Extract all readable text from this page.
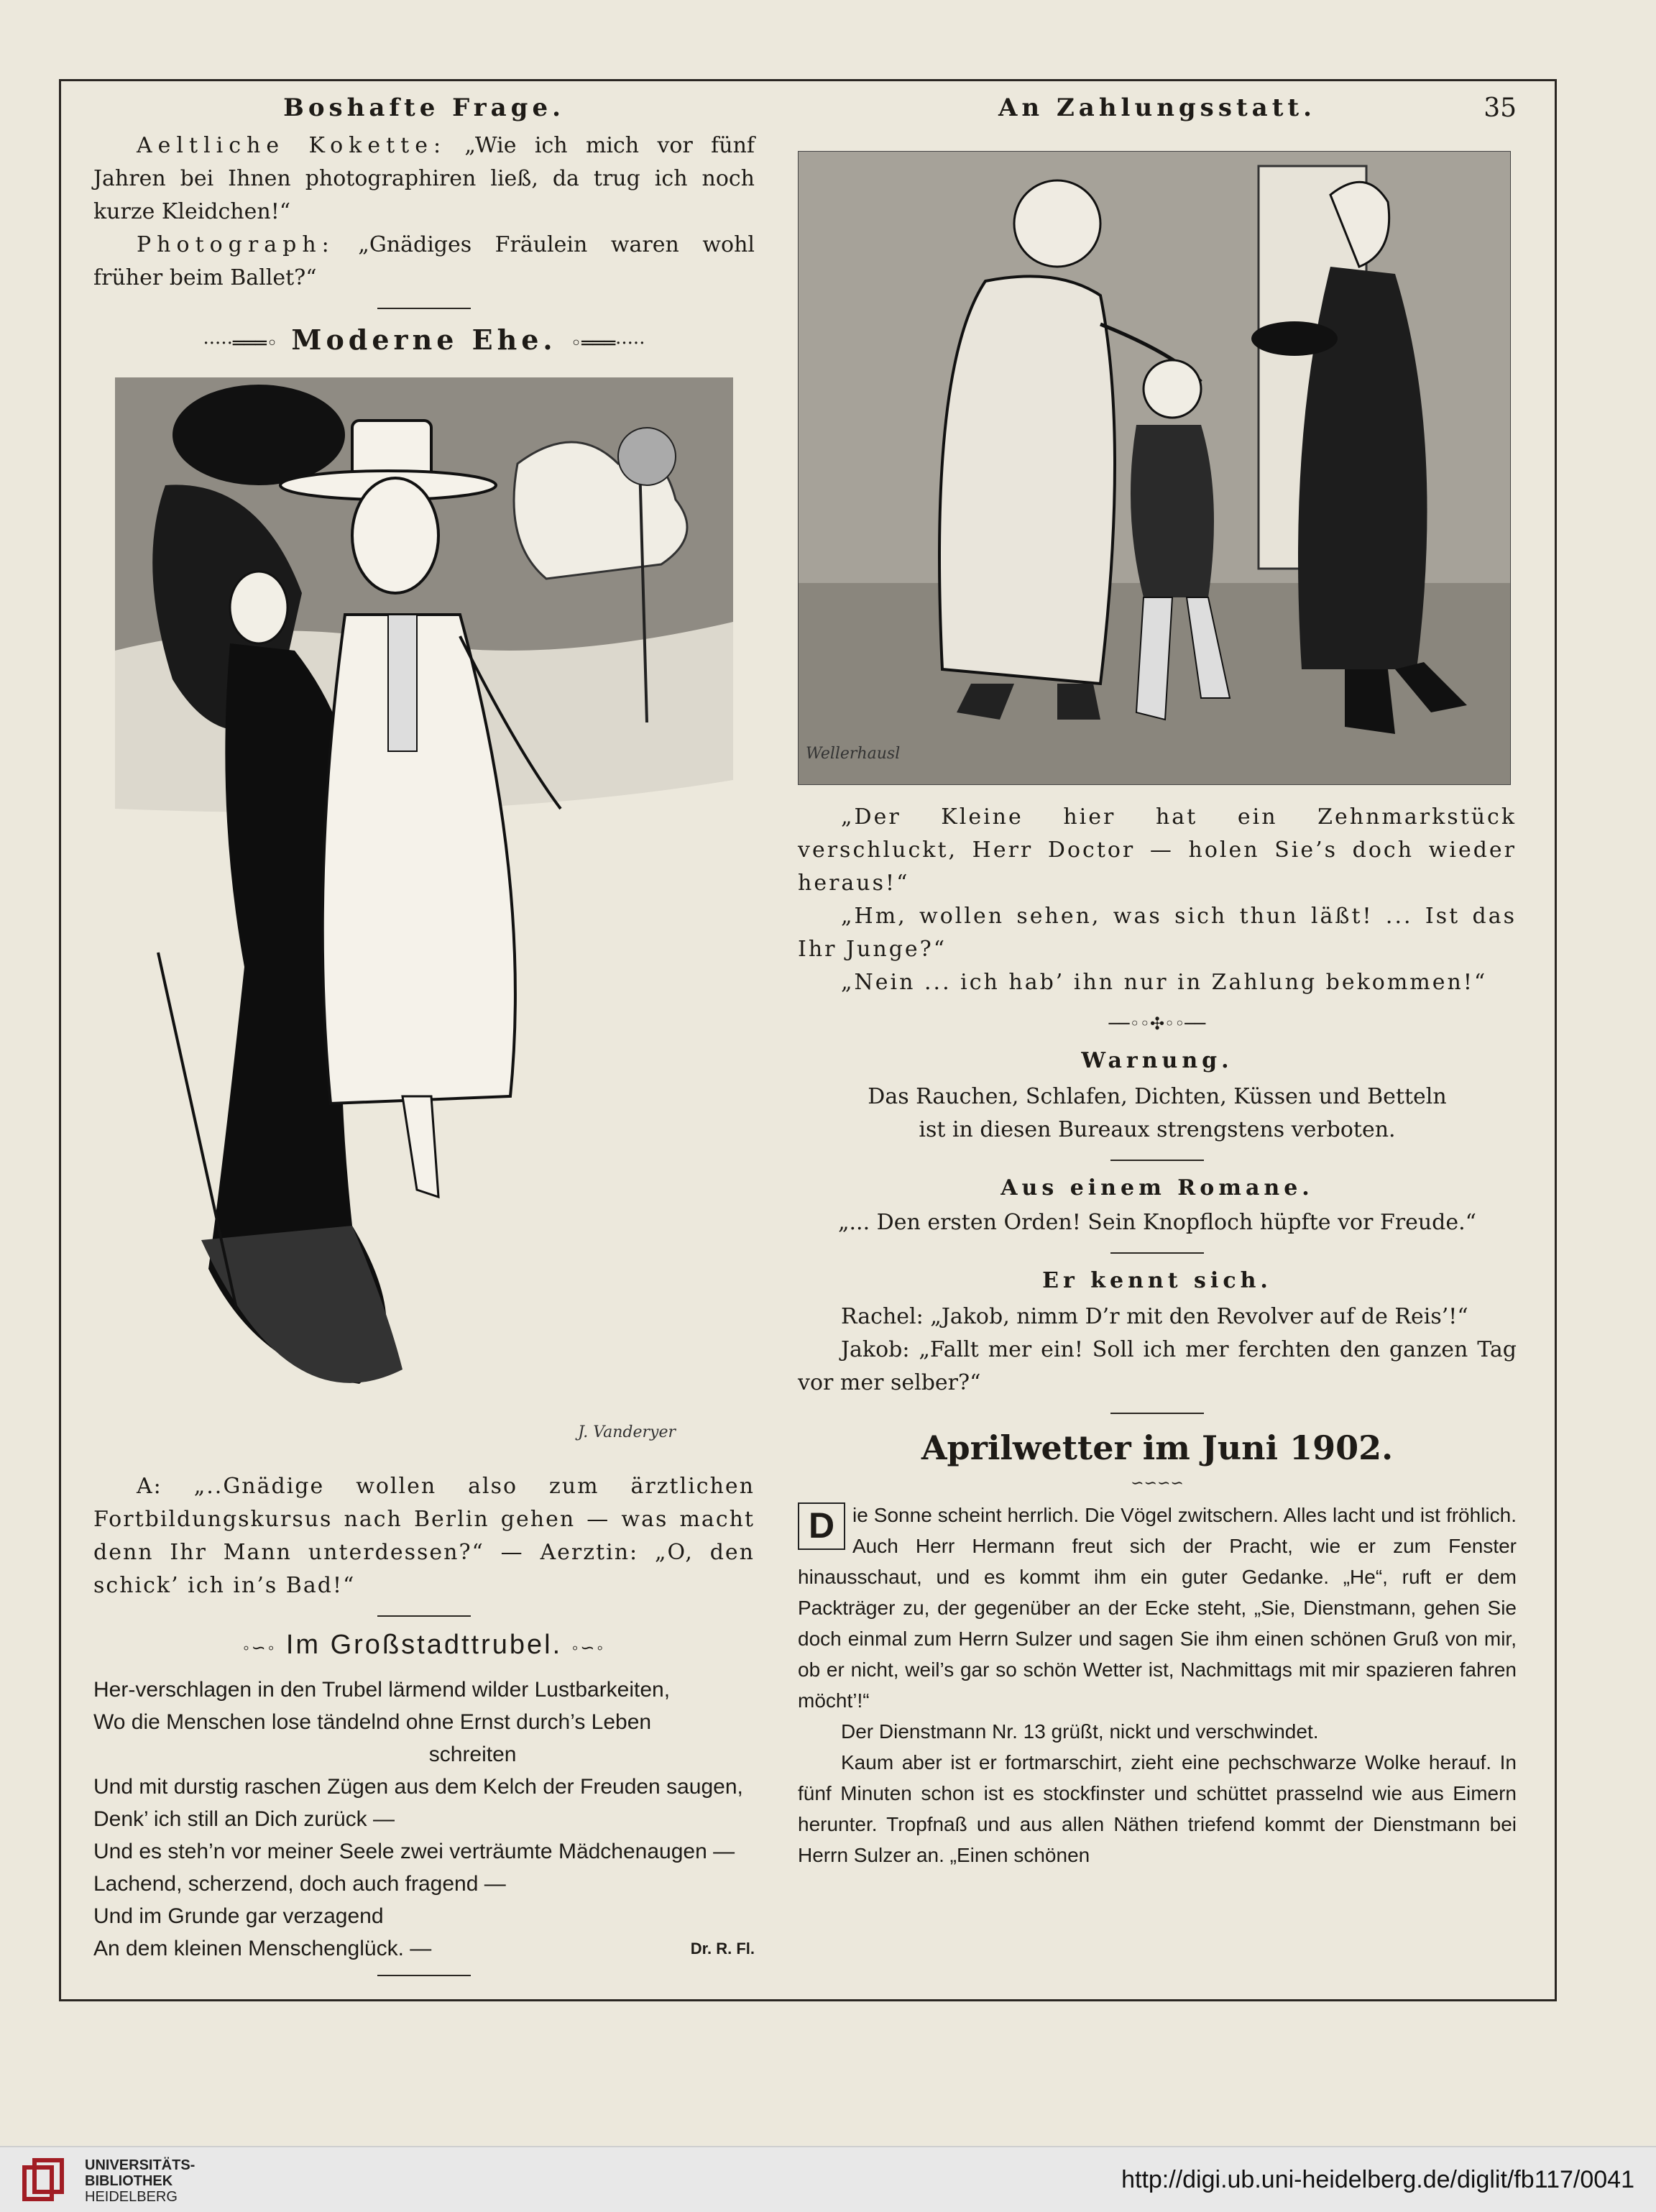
Boshafte Frage.

Aeltliche Kokette: „Wie ich mich vor fünf Jahren bei Ihnen photographiren ließ, da trug ich noch kurze Kleidchen!“

Photograph: „Gnädiges Fräulein waren wohl früher beim Ballet?“

·····═══◦ Moderne Ehe. ◦═══·····
J. Vanderyer

A: „..Gnädige wollen also zum ärztlichen Fortbildungskursus nach Berlin gehen — was macht denn Ihr Mann unterdessen?“ — Aerztin: „O, den schick’ ich in’s Bad!“

◦∽◦ Im Großstadttrubel. ◦∽◦
Her-verschlagen in den Trubel lärmend wilder Lustbarkeiten,
Wo die Menschen lose tändelnd ohne Ernst durch’s Leben
schreiten
Und mit durstig raschen Zügen aus dem Kelch der Freuden saugen,
Denk’ ich still an Dich zurück —
Und es steh’n vor meiner Seele zwei verträumte Mädchenaugen —
Lachend, scherzend, doch auch fragend —
Und im Grunde gar verzagend
An dem kleinen Menschenglück. —	Dr. R. Fl.
An Zahlungsstatt.	35
Wellerhausl

„Der Kleine hier hat ein Zehnmarkstück verschluckt, Herr Doctor — holen Sie’s doch wieder heraus!“

„Hm, wollen sehen, was sich thun läßt! ... Ist das Ihr Junge?“

„Nein ... ich hab’ ihn nur in Zahlung bekommen!“

──◦◦✣◦◦──
Warnung.

Das Rauchen, Schlafen, Dichten, Küssen und Betteln

ist in diesen Bureaux strengstens verboten.

Aus einem Romane.

„... Den ersten Orden! Sein Knopfloch hüpfte vor Freude.“

Er kennt sich.

Rachel: „Jakob, nimm D’r mit den Revolver auf de Reis’!“

Jakob: „Fallt mer ein! Soll ich mer ferchten den ganzen Tag vor mer selber?“

Aprilwetter im Juni 1902.
∽∽∽∽

D ie Sonne scheint herrlich. Die Vögel zwitschern. Alles lacht und ist fröhlich. Auch Herr Hermann freut sich der Pracht, wie er zum Fenster hinausschaut, und es kommt ihm ein guter Gedanke. „He“, ruft er dem Packträger zu, der gegenüber an der Ecke steht, „Sie, Dienstmann, gehen Sie doch einmal zum Herrn Sulzer und sagen Sie ihm einen schönen Gruß von mir, ob er nicht, weil’s gar so schön Wetter ist, Nachmittags mit mir spazieren fahren möcht’!“

Der Dienstmann Nr. 13 grüßt, nickt und verschwindet.

Kaum aber ist er fortmarschirt, zieht eine pechschwarze Wolke herauf. In fünf Minuten schon ist es stockfinster und schüttet prasselnd wie aus Eimern herunter. Tropfnaß und aus allen Näthen triefend kommt der Dienstmann bei Herrn Sulzer an. „Einen schönen

UNIVERSITÄTS-
BIBLIOTHEK
HEIDELBERG
http://digi.ub.uni-heidelberg.de/diglit/fb117/0041
